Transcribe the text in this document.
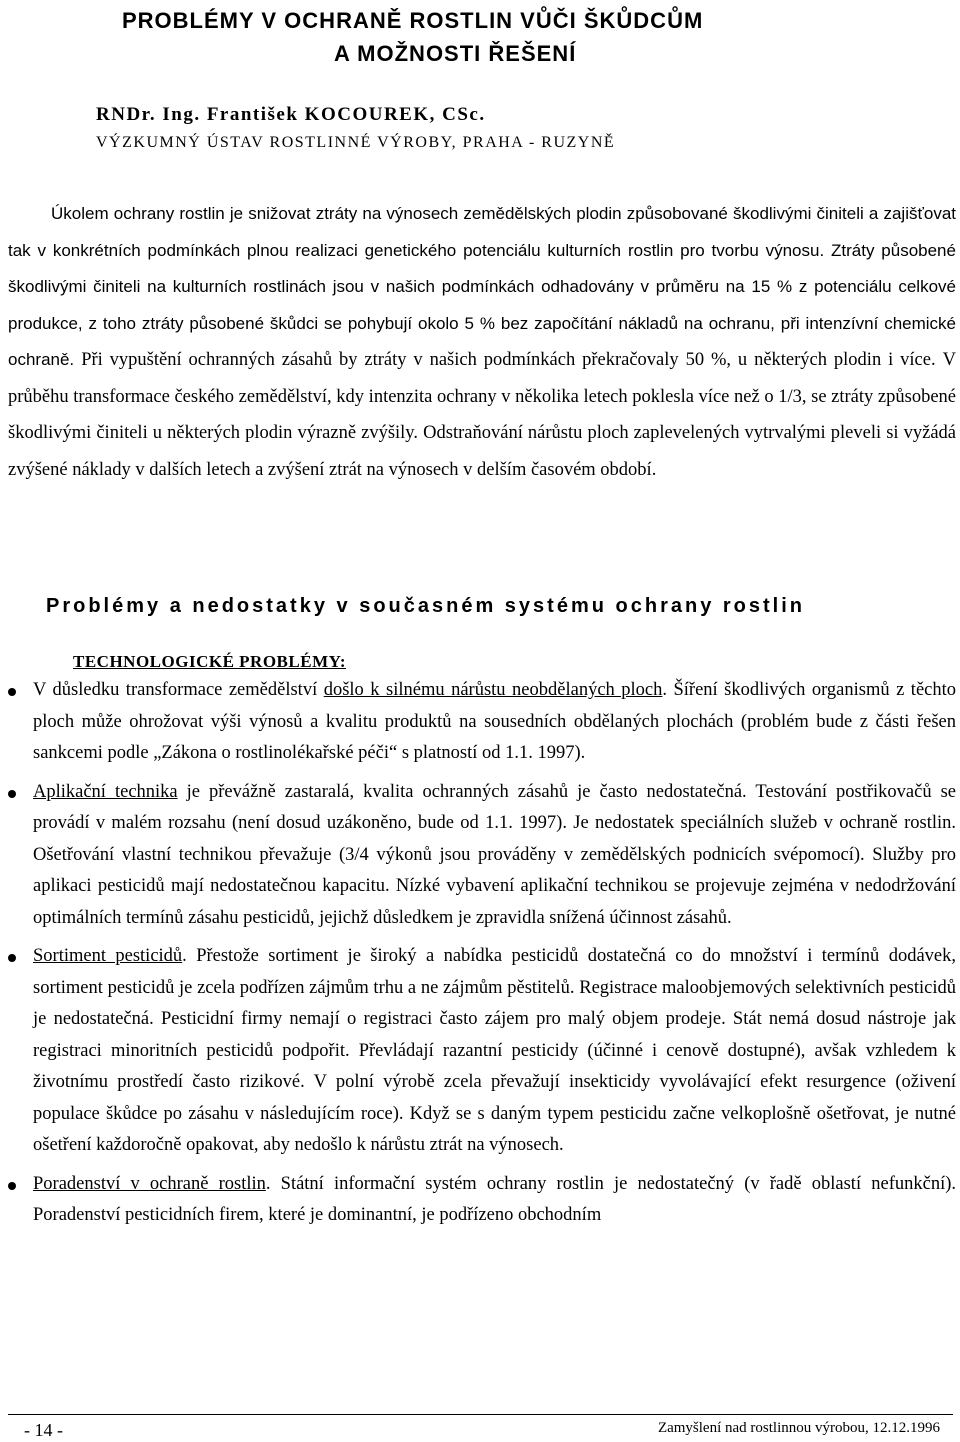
PROBLÉMY V OCHRANĚ ROSTLIN VŮČI ŠKŮDCŮM
A MOŽNOSTI ŘEŠENÍ
RNDr. Ing. František KOCOUREK, CSc.
VÝZKUMNÝ ÚSTAV ROSTLINNÉ VÝROBY, PRAHA - RUZYNĚ

Úkolem ochrany rostlin je snižovat ztráty na výnosech zemědělských plodin způsobované škodlivými činiteli a zajišťovat tak v konkrétních podmínkách plnou realizaci genetického potenciálu kulturních rostlin pro tvorbu výnosu. Ztráty působené škodlivými činiteli na kulturních rostlinách jsou v našich podmínkách odhadovány v průměru na 15 % z potenciálu celkové produkce, z toho ztráty působené škůdci se pohybují okolo 5 % bez započítání nákladů na ochranu, při intenzívní chemické ochraně. Při vypuštění ochranných zásahů by ztráty v našich podmínkách překračovaly 50 %, u některých plodin i více. V průběhu transformace českého zemědělství, kdy intenzita ochrany v několika letech poklesla více než o 1/3, se ztráty způsobené škodlivými činiteli u některých plodin výrazně zvýšily. Odstraňování nárůstu ploch zaplevelených vytrvalými pleveli si vyžádá zvýšené náklady v dalších letech a zvýšení ztrát na výnosech v delším časovém období.

Problémy a nedostatky v současném systému ochrany rostlin
TECHNOLOGICKÉ PROBLÉMY:
V důsledku transformace zemědělství došlo k silnému nárůstu neobdělaných ploch. Šíření škodlivých organismů z těchto ploch může ohrožovat výši výnosů a kvalitu produktů na sousedních obdělaných plochách (problém bude z části řešen sankcemi podle „Zákona o rostlinolékařské péči“ s platností od 1.1. 1997).
Aplikační technika je převážně zastaralá, kvalita ochranných zásahů je často nedostatečná. Testování postřikovačů se provádí v malém rozsahu (není dosud uzákoněno, bude od 1.1. 1997). Je nedostatek speciálních služeb v ochraně rostlin. Ošetřování vlastní technikou převažuje (3/4 výkonů jsou prováděny v zemědělských podnicích svépomocí). Služby pro aplikaci pesticidů mají nedostatečnou kapacitu. Nízké vybavení aplikační technikou se projevuje zejména v nedodržování optimálních termínů zásahu pesticidů, jejichž důsledkem je zpravidla snížená účinnost zásahů.
Sortiment pesticidů. Přestože sortiment je široký a nabídka pesticidů dostatečná co do množství i termínů dodávek, sortiment pesticidů je zcela podřízen zájmům trhu a ne zájmům pěstitelů. Registrace maloobjemových selektivních pesticidů je nedostatečná. Pesticidní firmy nemají o registraci často zájem pro malý objem prodeje. Stát nemá dosud nástroje jak registraci minoritních pesticidů podpořit. Převládají razantní pesticidy (účinné i cenově dostupné), avšak vzhledem k životnímu prostředí často rizikové. V polní výrobě zcela převažují insekticidy vyvolávající efekt resurgence (oživení populace škůdce po zásahu v následujícím roce). Když se s daným typem pesticidu začne velkoplošně ošetřovat, je nutné ošetření každoročně opakovat, aby nedošlo k nárůstu ztrát na výnosech.
Poradenství v ochraně rostlin. Státní informační systém ochrany rostlin je nedostatečný (v řadě oblastí nefunkční). Poradenství pesticidních firem, které je dominantní, je podřízeno obchodním
- 14 -	Zamyšlení nad rostlinnou výrobou, 12.12.1996
